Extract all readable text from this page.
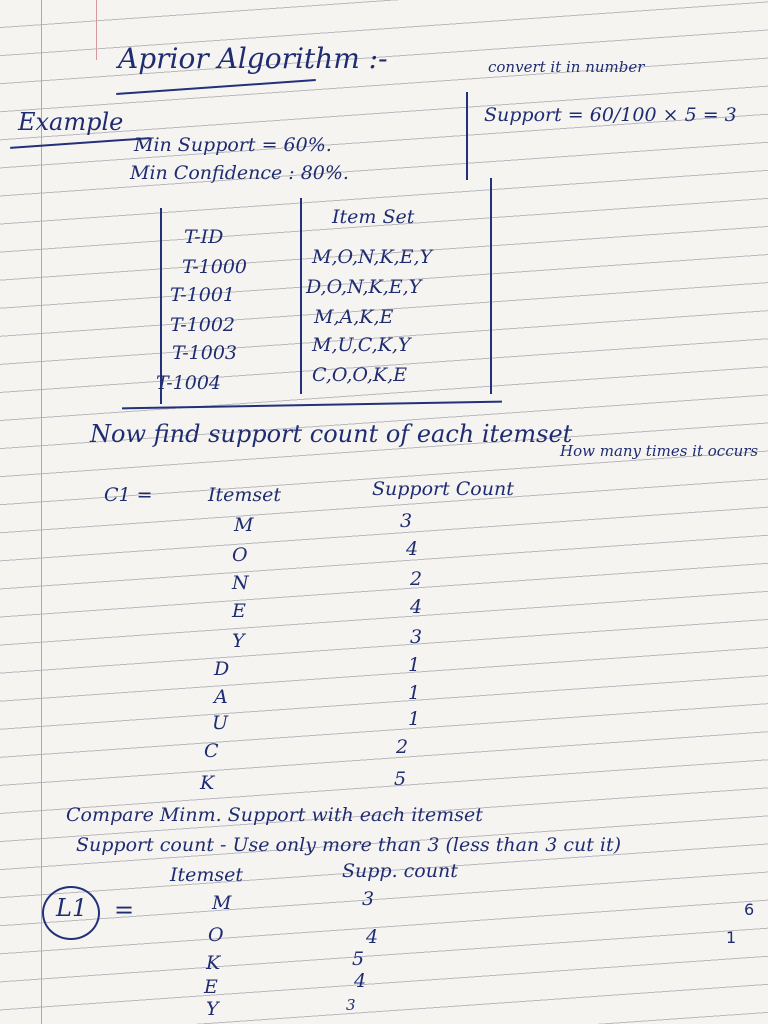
Aprior Algorithm :-
Example
Min Support = 60%.
Min Confidence : 80%.
convert it in number
Support = 60/100 × 5 = 3
T-ID
Item Set
T-1000	M,O,N,K,E,Y
T-1001	D,O,N,K,E,Y
T-1002	M,A,K,E
T-1003	M,U,C,K,Y
T-1004	C,O,O,K,E
Now find support count of each itemset
How many times it occurs
C1 =	Itemset	Support Count
M	3
O	4
N	2
E	4
Y	3
D	1
A	1
U	1
C	2
K	5
Compare Minm. Support with each itemset
Support count - Use only more than 3 (less than 3 cut it)
L1 =
Itemset	Supp. count
M	3
O	4
K	5
E	4
Y	3
6
1
